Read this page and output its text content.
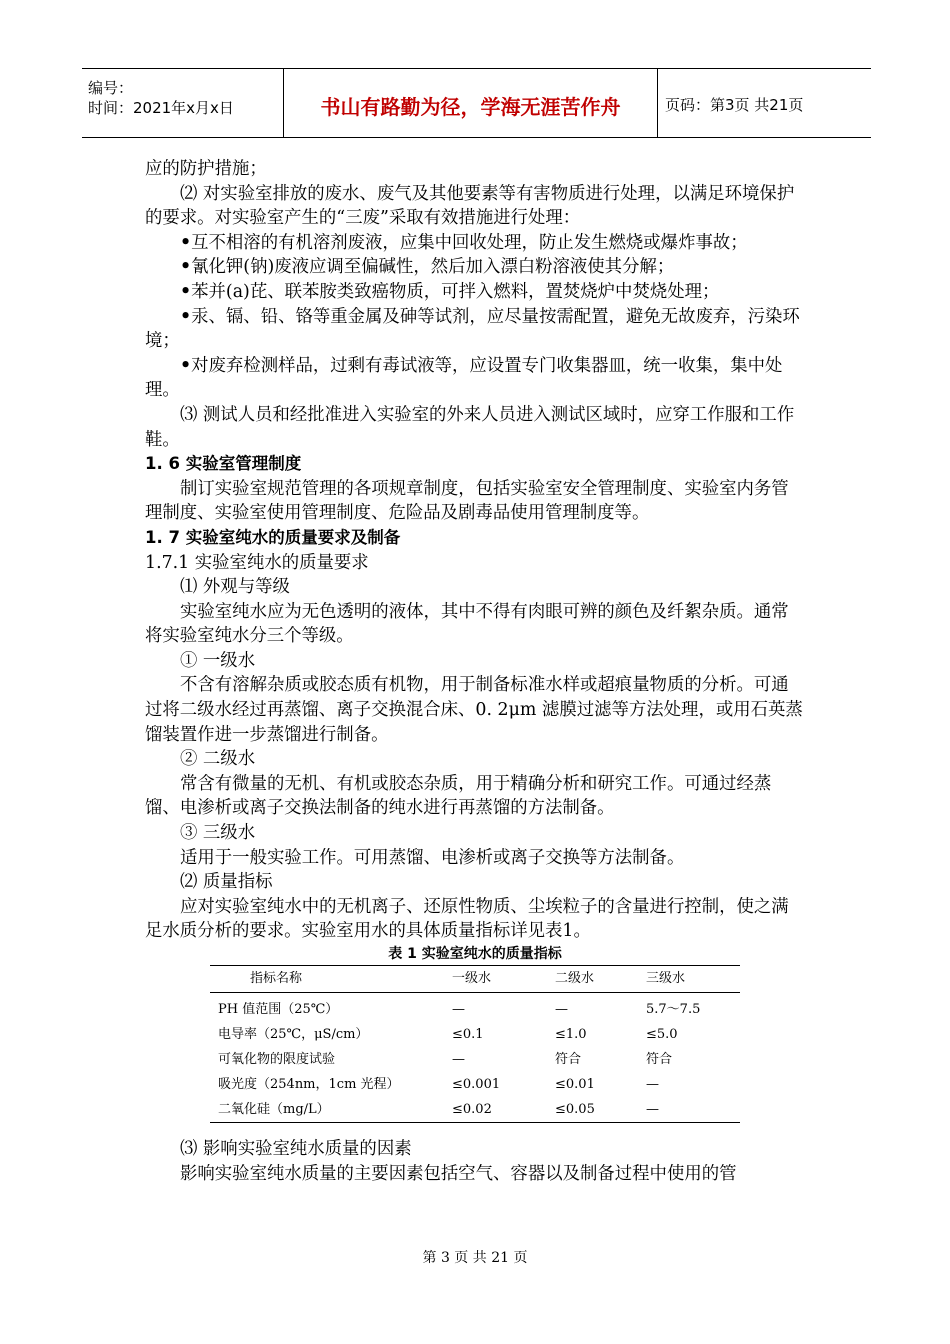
编号：
时间：2021年x月x日	书山有路勤为径，学海无涯苦作舟	页码：第3页 共21页

应的防护措施；

⑵ 对实验室排放的废水、废气及其他要素等有害物质进行处理，以满足环境保护的要求。对实验室产生的“三废”采取有效措施进行处理：

•互不相溶的有机溶剂废液，应集中回收处理，防止发生燃烧或爆炸事故；

•氰化钾(钠)废液应调至偏碱性，然后加入漂白粉溶液使其分解；

•苯并(a)芘、联苯胺类致癌物质，可拌入燃料，置焚烧炉中焚烧处理；

•汞、镉、铅、铬等重金属及砷等试剂，应尽量按需配置，避免无故废弃，污染环境；

•对废弃检测样品，过剩有毒试液等，应设置专门收集器皿，统一收集，集中处理。

⑶ 测试人员和经批准进入实验室的外来人员进入测试区域时，应穿工作服和工作鞋。

1. 6 实验室管理制度

制订实验室规范管理的各项规章制度，包括实验室安全管理制度、实验室内务管理制度、实验室使用管理制度、危险品及剧毒品使用管理制度等。

1. 7 实验室纯水的质量要求及制备

1.7.1 实验室纯水的质量要求

⑴ 外观与等级

实验室纯水应为无色透明的液体，其中不得有肉眼可辨的颜色及纤絮杂质。通常将实验室纯水分三个等级。

① 一级水

不含有溶解杂质或胶态质有机物，用于制备标准水样或超痕量物质的分析。可通过将二级水经过再蒸馏、离子交换混合床、0. 2μm 滤膜过滤等方法处理，或用石英蒸馏装置作进一步蒸馏进行制备。

② 二级水

常含有微量的无机、有机或胶态杂质，用于精确分析和研究工作。可通过经蒸馏、电渗析或离子交换法制备的纯水进行再蒸馏的方法制备。

③ 三级水

适用于一般实验工作。可用蒸馏、电渗析或离子交换等方法制备。

⑵ 质量指标

应对实验室纯水中的无机离子、还原性物质、尘埃粒子的含量进行控制，使之满足水质分析的要求。实验室用水的具体质量指标详见表1。

表 1 实验室纯水的质量指标

指标名称	一级水	二级水	三级水
PH 值范围（25℃）	—	—	5.7～7.5
电导率（25℃，μS/cm）	≤0.1	≤1.0	≤5.0
可氧化物的限度试验	—	符合	符合
吸光度（254nm，1cm 光程）	≤0.001	≤0.01	—
二氧化硅（mg/L）	≤0.02	≤0.05	—

⑶ 影响实验室纯水质量的因素

影响实验室纯水质量的主要因素包括空气、容器以及制备过程中使用的管

第 3 页 共 21 页
